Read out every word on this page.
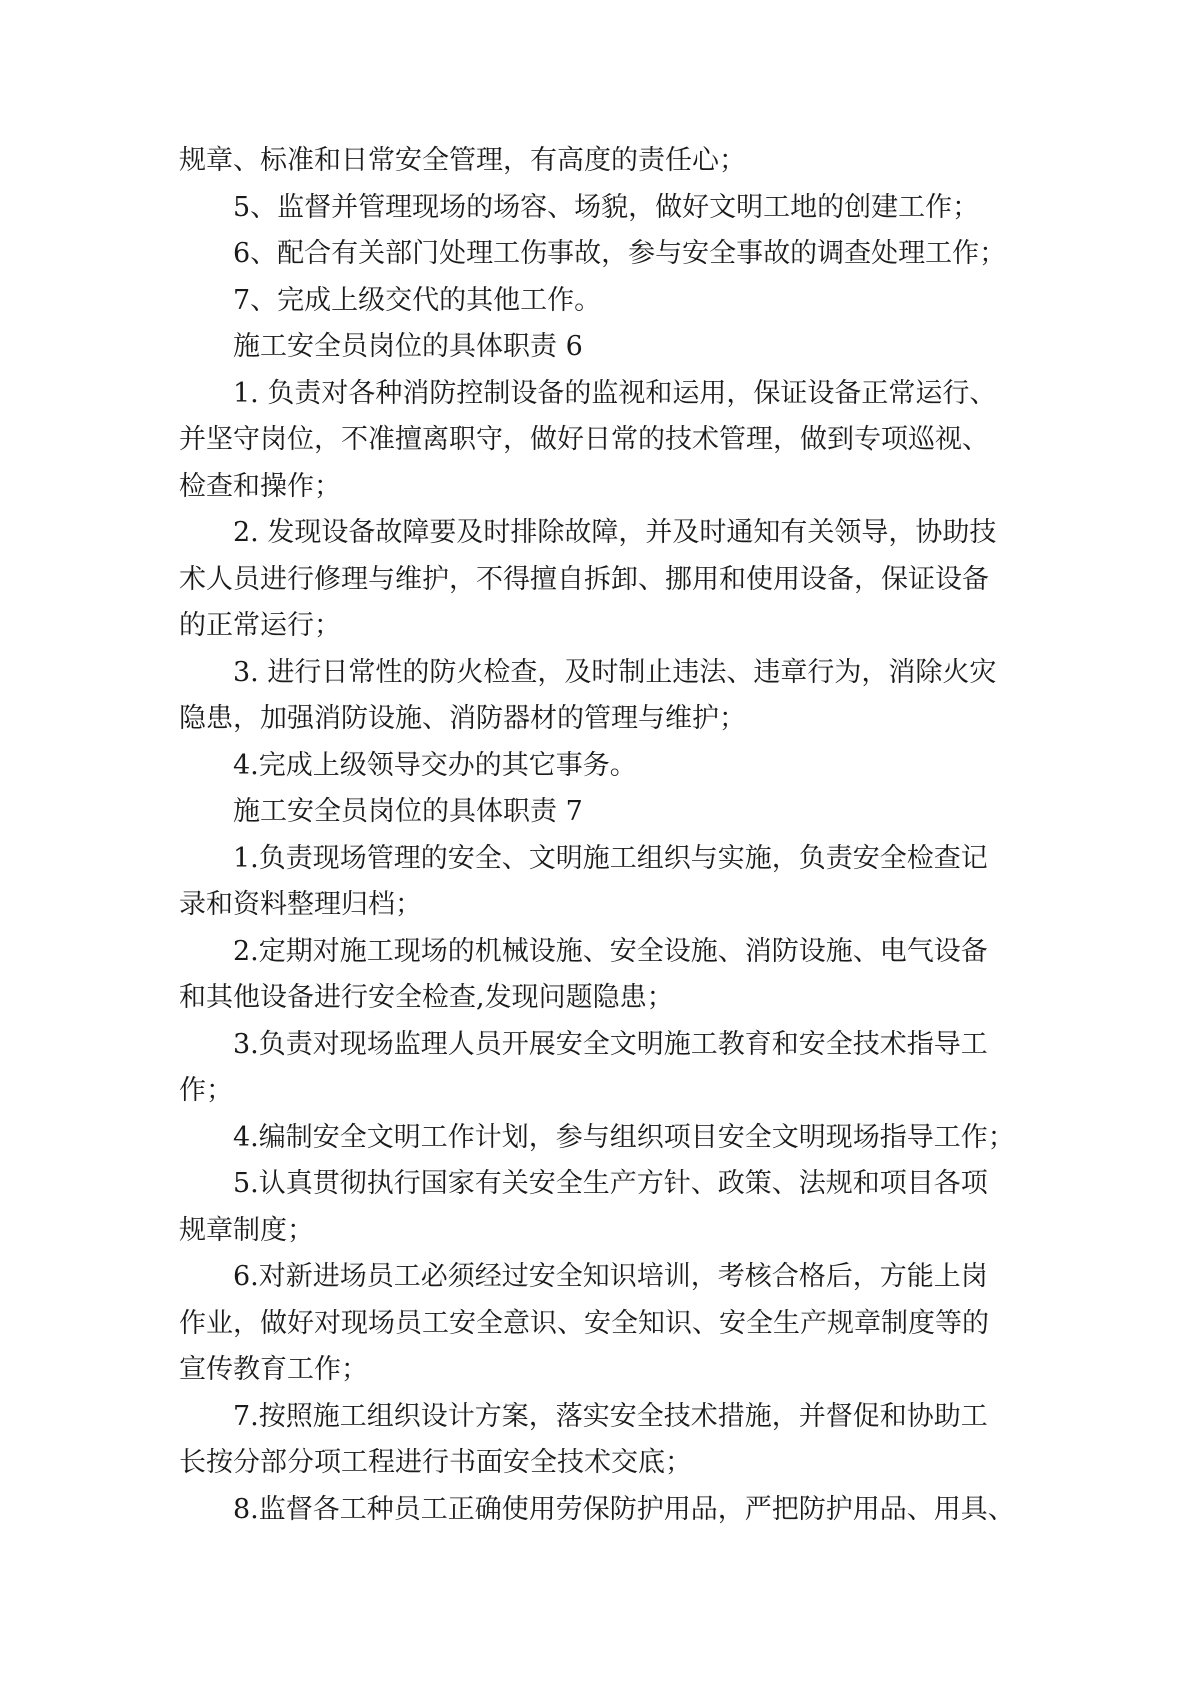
规章、标准和日常安全管理，有高度的责任心；
5、监督并管理现场的场容、场貌，做好文明工地的创建工作；
6、配合有关部门处理工伤事故，参与安全事故的调查处理工作；
7、完成上级交代的其他工作。
施工安全员岗位的具体职责 6
1. 负责对各种消防控制设备的监视和运用，保证设备正常运行、
并坚守岗位，不准擅离职守，做好日常的技术管理，做到专项巡视、
检查和操作；
2. 发现设备故障要及时排除故障，并及时通知有关领导，协助技
术人员进行修理与维护，不得擅自拆卸、挪用和使用设备，保证设备
的正常运行；
3. 进行日常性的防火检查，及时制止违法、违章行为，消除火灾
隐患，加强消防设施、消防器材的管理与维护；
4.完成上级领导交办的其它事务。
施工安全员岗位的具体职责 7
1.负责现场管理的安全、文明施工组织与实施，负责安全检查记
录和资料整理归档；
2.定期对施工现场的机械设施、安全设施、消防设施、电气设备
和其他设备进行安全检查,发现问题隐患；
3.负责对现场监理人员开展安全文明施工教育和安全技术指导工
作；
4.编制安全文明工作计划，参与组织项目安全文明现场指导工作；
5.认真贯彻执行国家有关安全生产方针、政策、法规和项目各项
规章制度；
6.对新进场员工必须经过安全知识培训，考核合格后，方能上岗
作业，做好对现场员工安全意识、安全知识、安全生产规章制度等的
宣传教育工作；
7.按照施工组织设计方案，落实安全技术措施，并督促和协助工
长按分部分项工程进行书面安全技术交底；
8.监督各工种员工正确使用劳保防护用品，严把防护用品、用具、
